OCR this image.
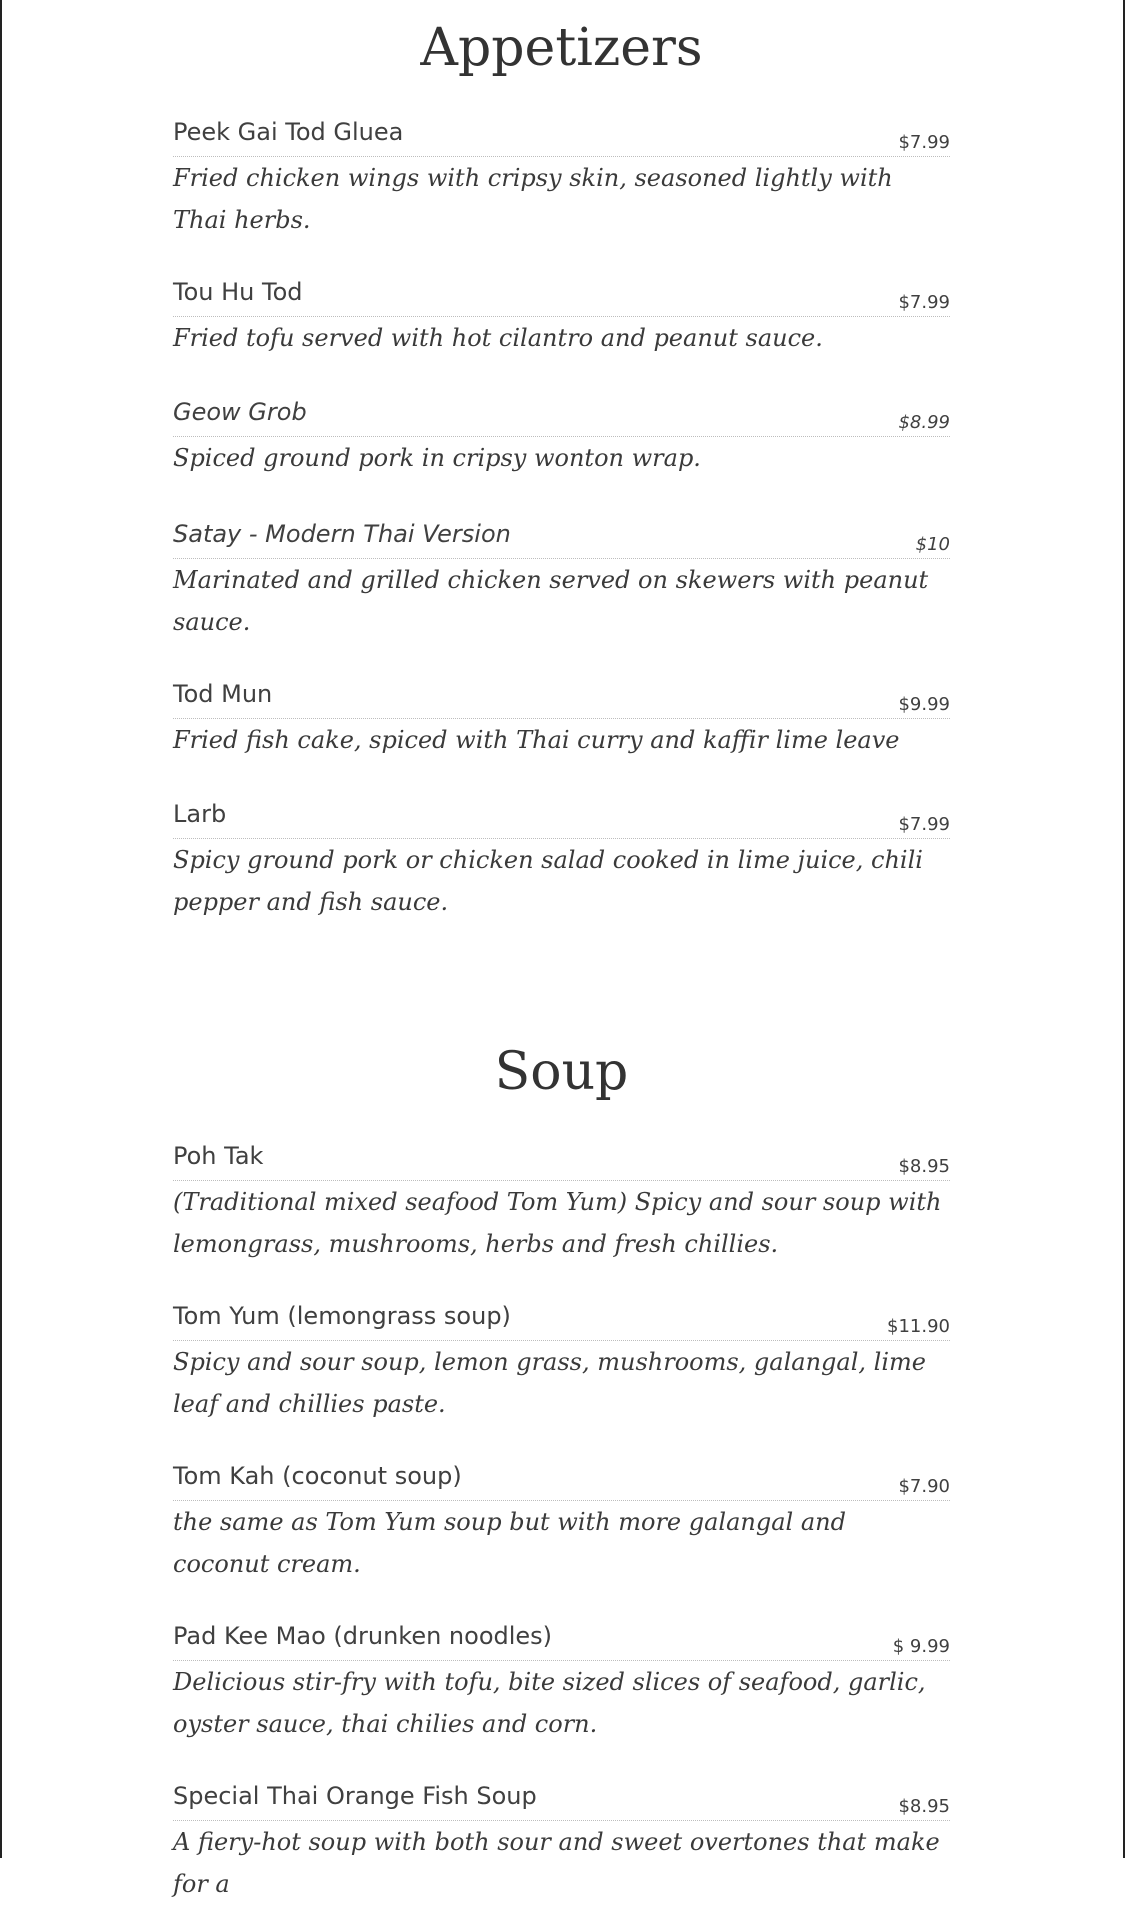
Appetizers
Peek Gai Tod Gluea	$7.99
Fried chicken wings with cripsy skin, seasoned lightly with Thai herbs.
Tou Hu Tod	$7.99
Fried tofu served with hot cilantro and peanut sauce.
Geow Grob	$8.99
Spiced ground pork in cripsy wonton wrap.
Satay - Modern Thai Version	$10
Marinated and grilled chicken served on skewers with peanut sauce.
Tod Mun	$9.99
Fried fish cake, spiced with Thai curry and kaffir lime leave
Larb	$7.99
Spicy ground pork or chicken salad cooked in lime juice, chili pepper and fish sauce.
Soup
Poh Tak	$8.95
(Traditional mixed seafood Tom Yum) Spicy and sour soup with lemongrass, mushrooms, herbs and fresh chillies.
Tom Yum (lemongrass soup)	$11.90
Spicy and sour soup, lemon grass, mushrooms, galangal, lime leaf and chillies paste.
Tom Kah (coconut soup)	$7.90
the same as Tom Yum soup but with more galangal and coconut cream.
Pad Kee Mao (drunken noodles)	$ 9.99
Delicious stir-fry with tofu, bite sized slices of seafood, garlic, oyster sauce, thai chilies and corn.
Special Thai Orange Fish Soup	$8.95
A fiery-hot soup with both sour and sweet overtones that make for a
